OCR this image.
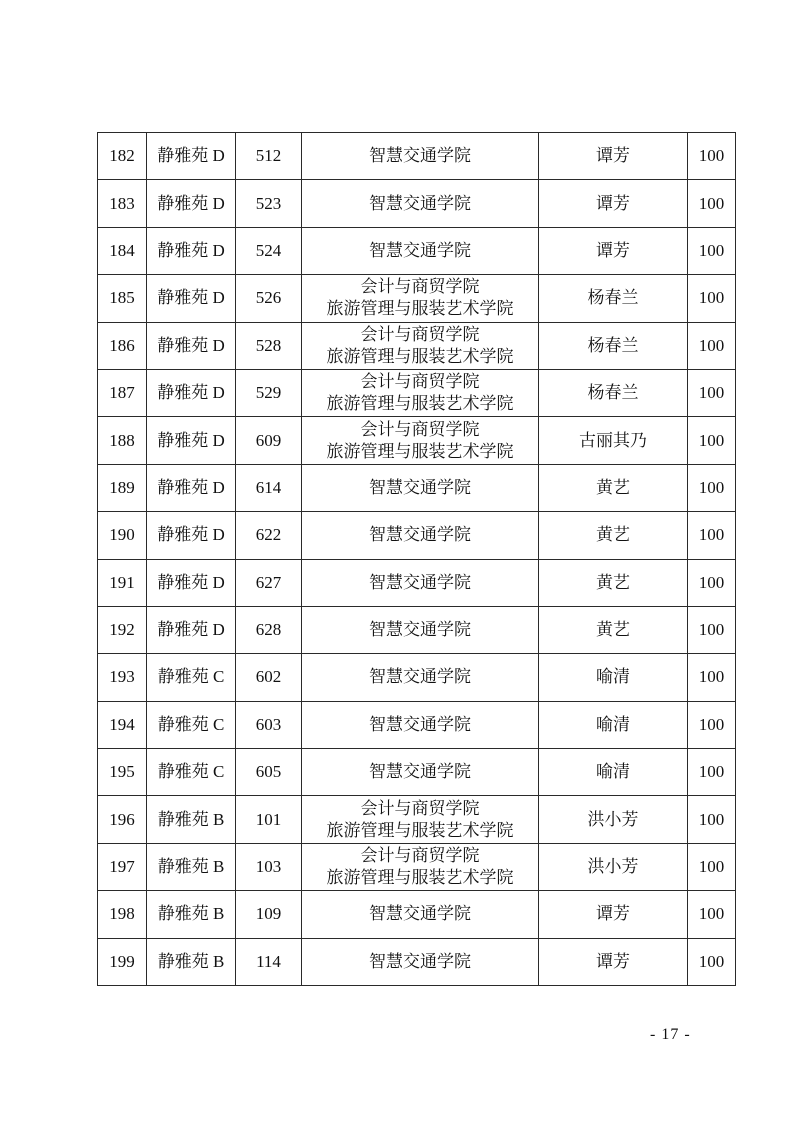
182	静雅苑 D	512	智慧交通学院	谭芳	100
183	静雅苑 D	523	智慧交通学院	谭芳	100
184	静雅苑 D	524	智慧交通学院	谭芳	100
185	静雅苑 D	526	会计与商贸学院
旅游管理与服装艺术学院	杨春兰	100
186	静雅苑 D	528	会计与商贸学院
旅游管理与服装艺术学院	杨春兰	100
187	静雅苑 D	529	会计与商贸学院
旅游管理与服装艺术学院	杨春兰	100
188	静雅苑 D	609	会计与商贸学院
旅游管理与服装艺术学院	古丽其乃	100
189	静雅苑 D	614	智慧交通学院	黄艺	100
190	静雅苑 D	622	智慧交通学院	黄艺	100
191	静雅苑 D	627	智慧交通学院	黄艺	100
192	静雅苑 D	628	智慧交通学院	黄艺	100
193	静雅苑 C	602	智慧交通学院	喻清	100
194	静雅苑 C	603	智慧交通学院	喻清	100
195	静雅苑 C	605	智慧交通学院	喻清	100
196	静雅苑 B	101	会计与商贸学院
旅游管理与服装艺术学院	洪小芳	100
197	静雅苑 B	103	会计与商贸学院
旅游管理与服装艺术学院	洪小芳	100
198	静雅苑 B	109	智慧交通学院	谭芳	100
199	静雅苑 B	114	智慧交通学院	谭芳	100
- 17 -
